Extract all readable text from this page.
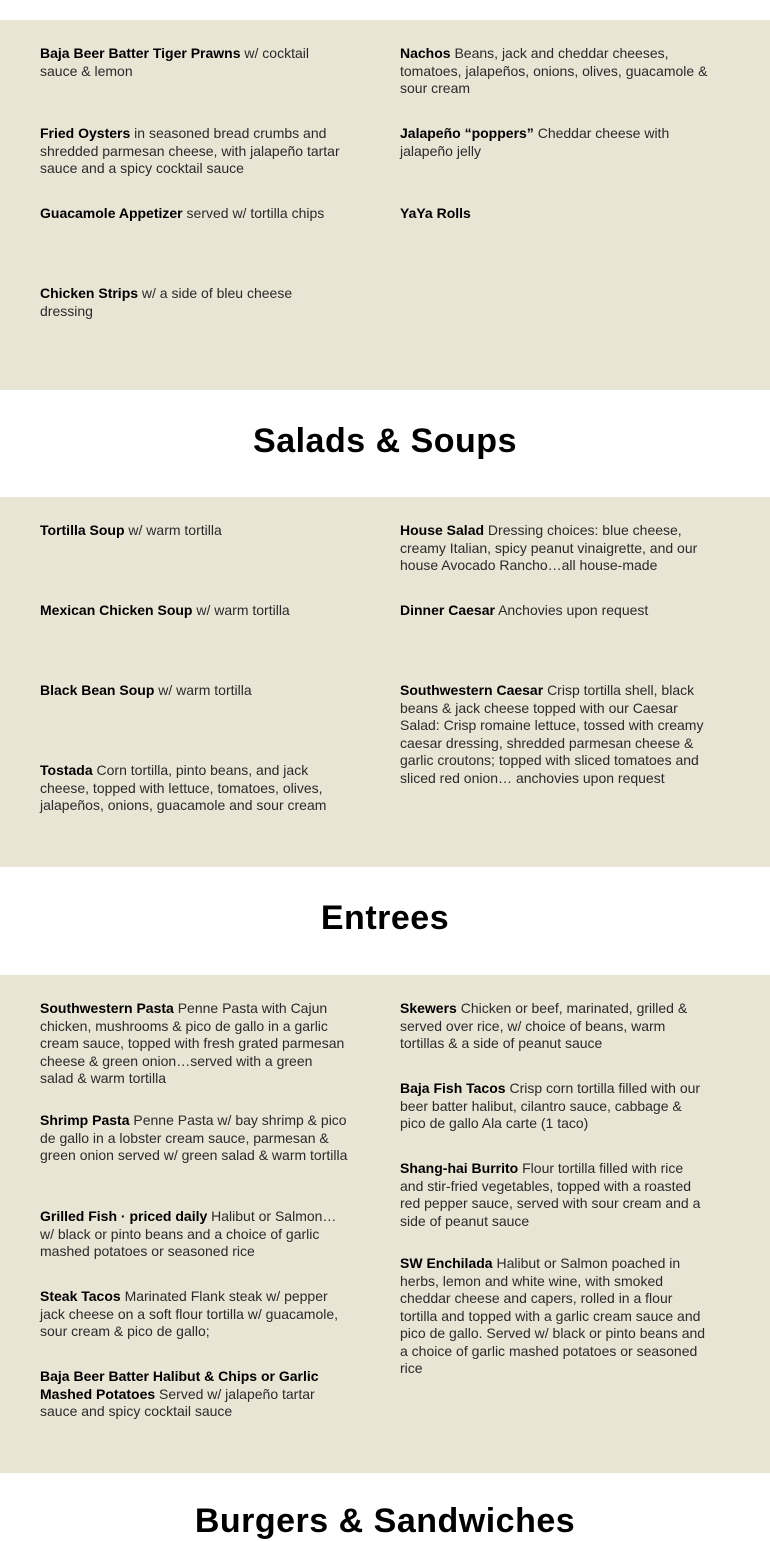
Baja Beer Batter Tiger Prawns w/ cocktail sauce & lemon
Fried Oysters in seasoned bread crumbs and shredded parmesan cheese, with jalapeño tartar sauce and a spicy cocktail sauce
Guacamole Appetizer served w/ tortilla chips
Chicken Strips w/ a side of bleu cheese dressing
Nachos Beans, jack and cheddar cheeses, tomatoes, jalapeños, onions, olives, guacamole & sour cream
Jalapeño “poppers” Cheddar cheese with jalapeño jelly
YaYa Rolls
Salads & Soups
Tortilla Soup w/ warm tortilla
Mexican Chicken Soup w/ warm tortilla
Black Bean Soup w/ warm tortilla
Tostada Corn tortilla, pinto beans, and jack cheese, topped with lettuce, tomatoes, olives, jalapeños, onions, guacamole and sour cream
House Salad Dressing choices: blue cheese, creamy Italian, spicy peanut vinaigrette, and our house Avocado Rancho…all house-made
Dinner Caesar Anchovies upon request
Southwestern Caesar Crisp tortilla shell, black beans & jack cheese topped with our Caesar Salad: Crisp romaine lettuce, tossed with creamy caesar dressing, shredded parmesan cheese & garlic croutons; topped with sliced tomatoes and sliced red onion… anchovies upon request
Entrees
Southwestern Pasta Penne Pasta with Cajun chicken, mushrooms & pico de gallo in a garlic cream sauce, topped with fresh grated parmesan cheese & green onion…served with a green salad & warm tortilla
Shrimp Pasta Penne Pasta w/ bay shrimp & pico de gallo in a lobster cream sauce, parmesan & green onion served w/ green salad & warm tortilla
Grilled Fish · priced daily Halibut or Salmon…w/ black or pinto beans and a choice of garlic mashed potatoes or seasoned rice
Steak Tacos Marinated Flank steak w/ pepper jack cheese on a soft flour tortilla w/ guacamole, sour cream & pico de gallo;
Baja Beer Batter Halibut & Chips or Garlic Mashed Potatoes Served w/ jalapeño tartar sauce and spicy cocktail sauce
Skewers Chicken or beef, marinated, grilled & served over rice, w/ choice of beans, warm tortillas & a side of peanut sauce
Baja Fish Tacos Crisp corn tortilla filled with our beer batter halibut, cilantro sauce, cabbage & pico de gallo Ala carte (1 taco)
Shang-hai Burrito Flour tortilla filled with rice and stir-fried vegetables, topped with a roasted red pepper sauce, served with sour cream and a side of peanut sauce
SW Enchilada Halibut or Salmon poached in herbs, lemon and white wine, with smoked cheddar cheese and capers, rolled in a flour tortilla and topped with a garlic cream sauce and pico de gallo. Served w/ black or pinto beans and a choice of garlic mashed potatoes or seasoned rice
Burgers & Sandwiches
